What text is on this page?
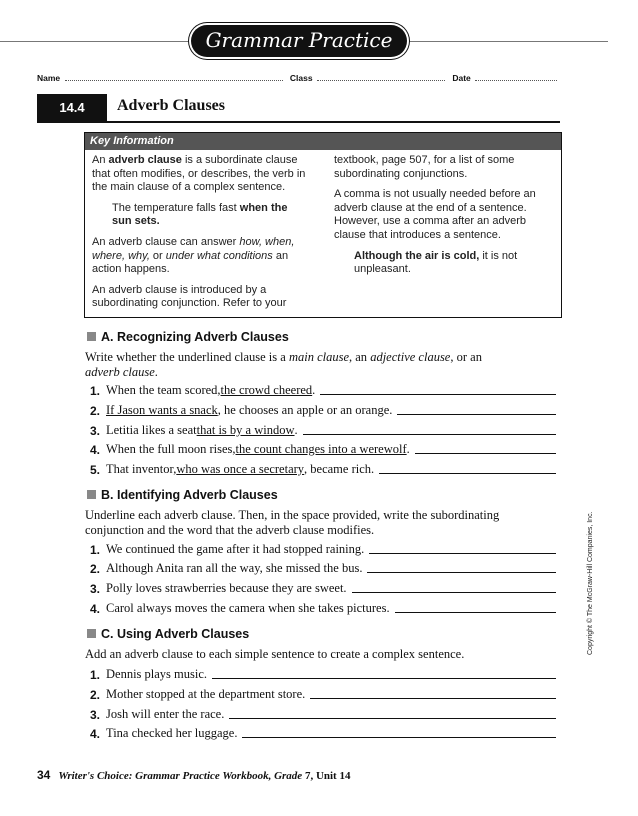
Grammar Practice
Name	Class	Date
14.4	Adverb Clauses
Key Information

An adverb clause is a subordinate clause that often modifies, or describes, the verb in the main clause of a complex sentence.

The temperature falls fast when the sun sets.

An adverb clause can answer how, when, where, why, or under what conditions an action happens.

An adverb clause is introduced by a subordinating conjunction. Refer to your

textbook, page 507, for a list of some subordinating conjunctions.

A comma is not usually needed before an adverb clause at the end of a sentence. However, use a comma after an adverb clause that introduces a sentence.

Although the air is cold, it is not unpleasant.

A. Recognizing Adverb Clauses
Write whether the underlined clause is a main clause, an adjective clause, or an adverb clause.
1. When the team scored, the crowd cheered .
2. If Jason wants a snack , he chooses an apple or an orange.
3. Letitia likes a seat that is by a window .
4. When the full moon rises, the count changes into a werewolf .
5. That inventor, who was once a secretary , became rich.
B. Identifying Adverb Clauses
Underline each adverb clause. Then, in the space provided, write the subordinating conjunction and the word that the adverb clause modifies.
1. We continued the game after it had stopped raining.
2. Although Anita ran all the way, she missed the bus.
3. Polly loves strawberries because they are sweet.
4. Carol always moves the camera when she takes pictures.
C. Using Adverb Clauses
Add an adverb clause to each simple sentence to create a complex sentence.
1. Dennis plays music.
2. Mother stopped at the department store.
3. Josh will enter the race.
4. Tina checked her luggage.
Copyright © The McGraw-Hill Companies, Inc.
34 Writer's Choice: Grammar Practice Workbook, Grade 7, Unit 14
